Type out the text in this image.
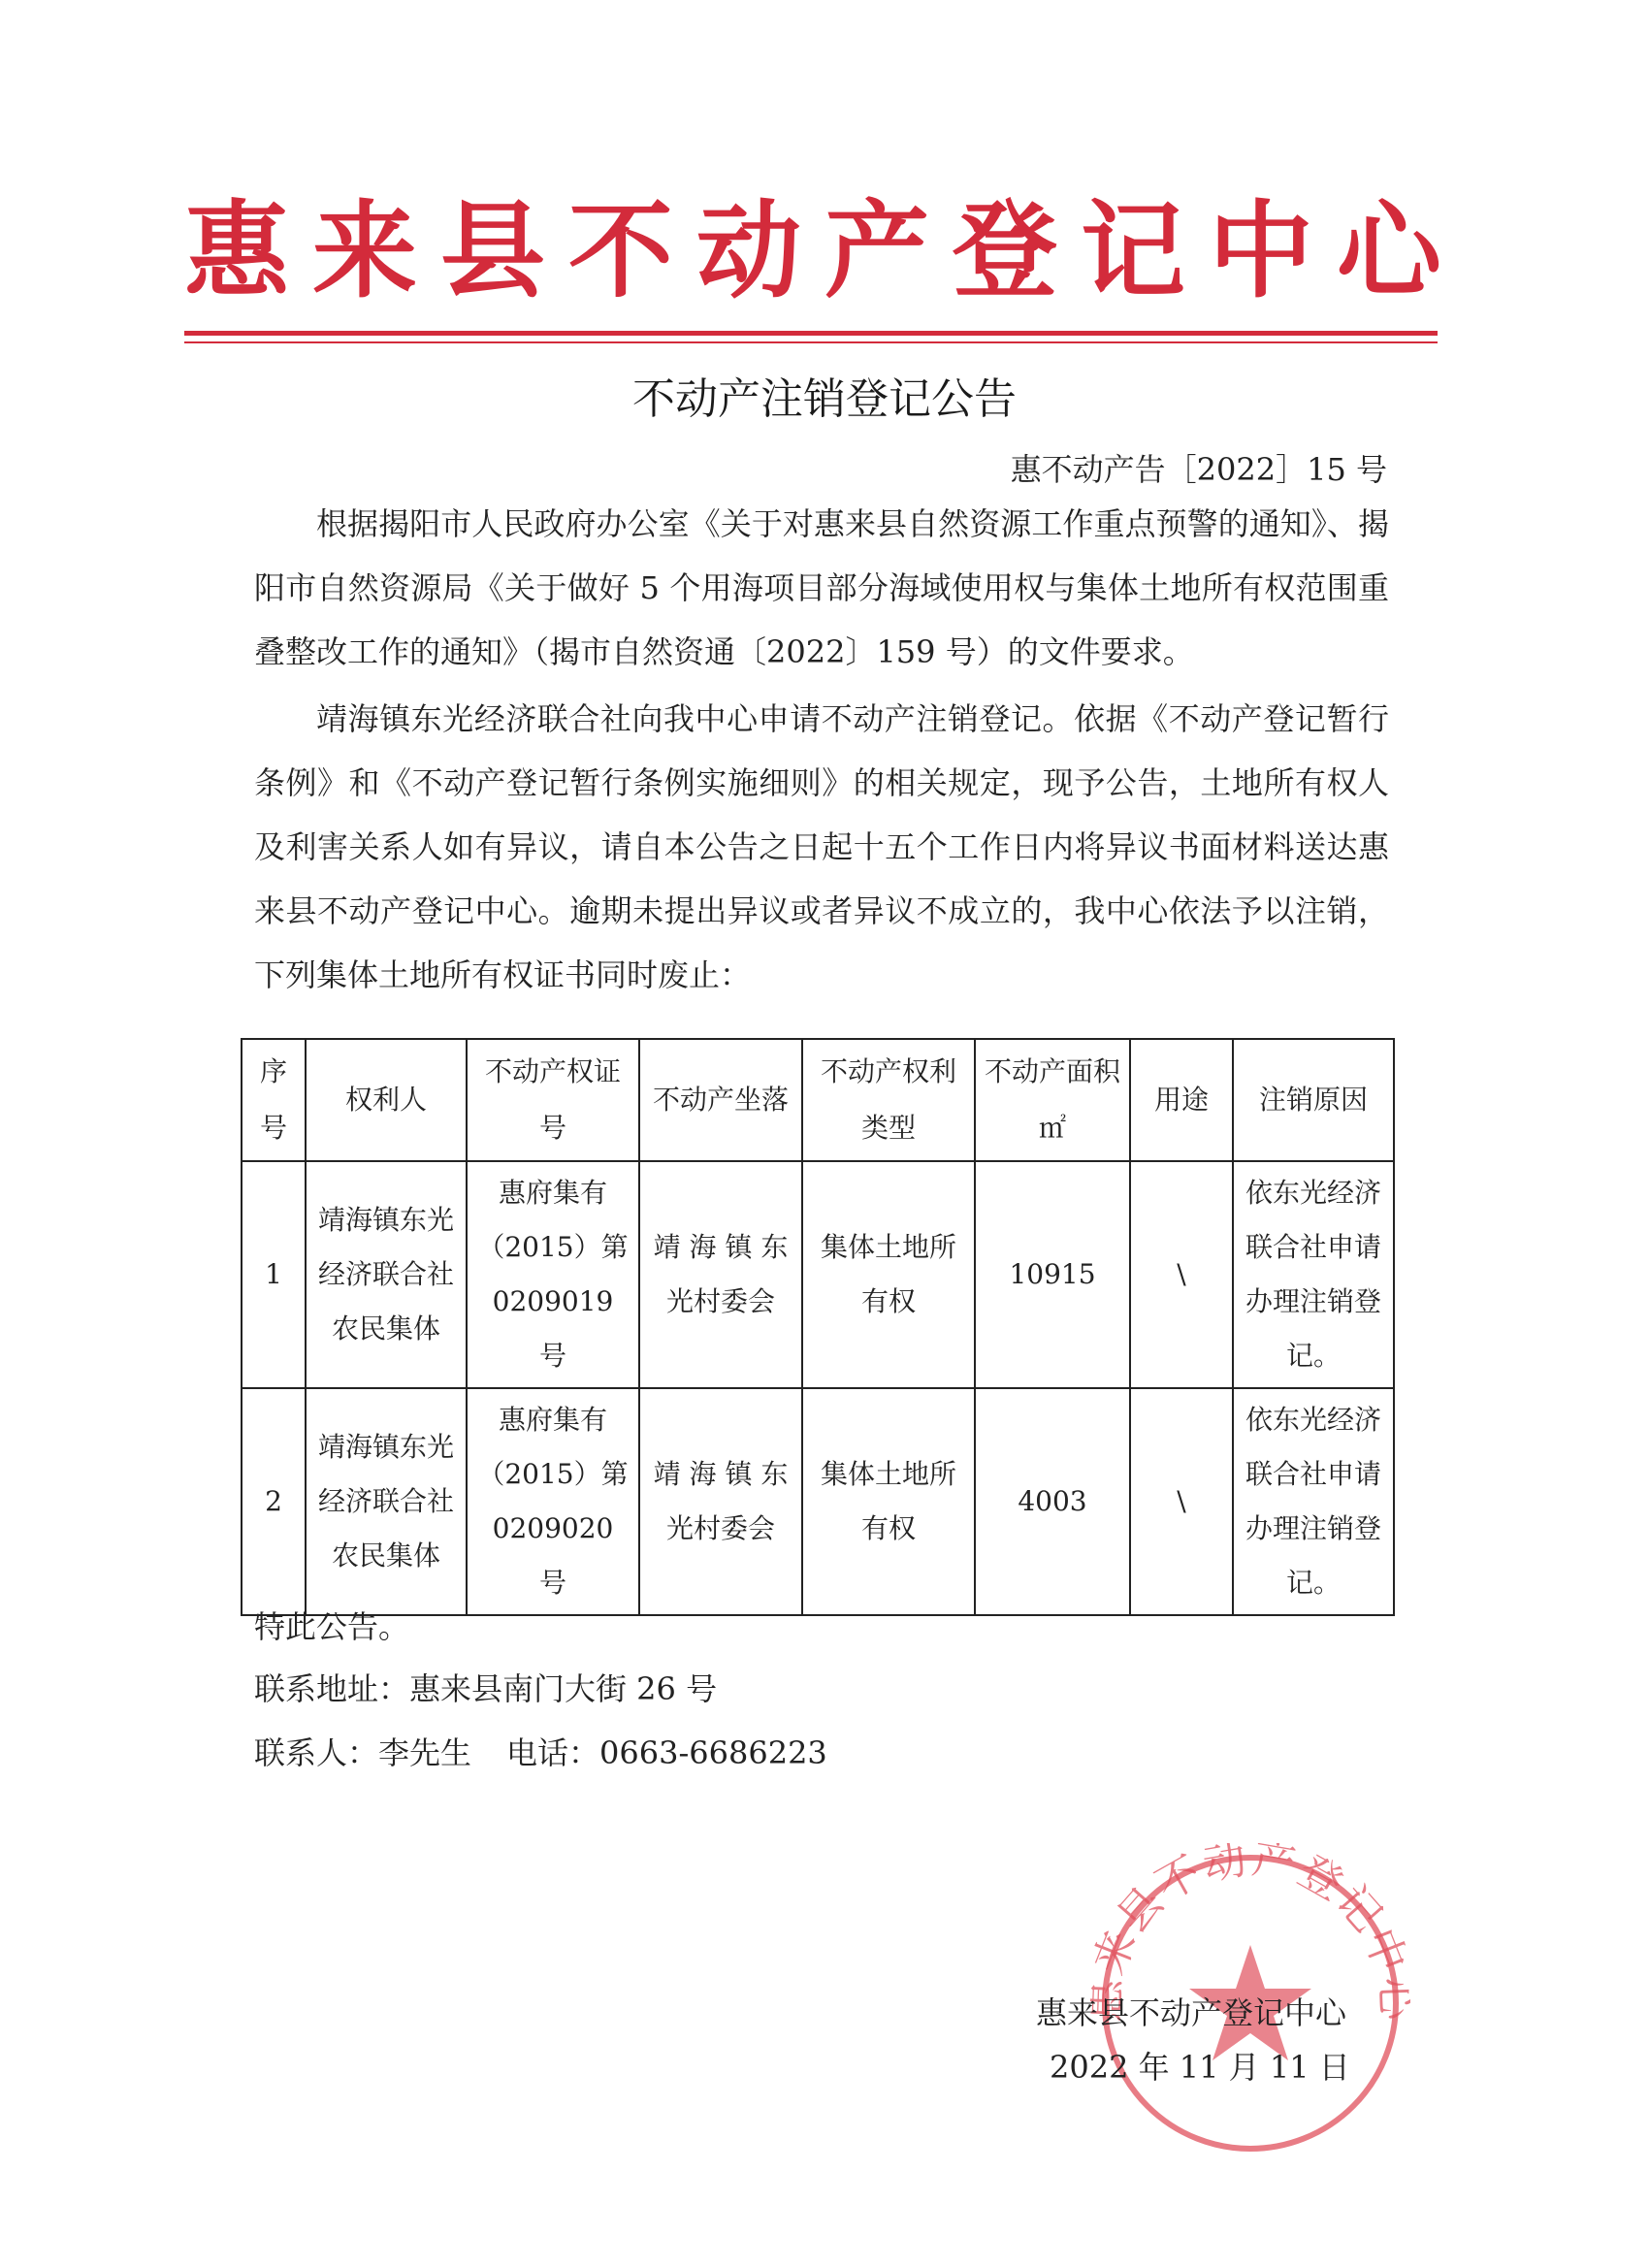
惠来县不动产登记中心
不动产注销登记公告
惠不动产告［2022］15 号
根据揭阳市人民政府办公室《关于对惠来县自然资源工作重点预警的通知》、揭阳市自然资源局《关于做好 5 个用海项目部分海域使用权与集体土地所有权范围重叠整改工作的通知》（揭市自然资通〔2022〕159 号）的文件要求。
靖海镇东光经济联合社向我中心申请不动产注销登记。依据《不动产登记暂行条例》和《不动产登记暂行条例实施细则》的相关规定，现予公告，土地所有权人及利害关系人如有异议，请自本公告之日起十五个工作日内将异议书面材料送达惠来县不动产登记中心。逾期未提出异议或者异议不成立的，我中心依法予以注销，下列集体土地所有权证书同时废止：
序号	权利人	不动产权证号	不动产坐落	不动产权利类型	不动产面积㎡	用途	注销原因
1	靖海镇东光经济联合社农民集体	惠府集有（2015）第0209019 号	靖 海 镇 东 光村委会	集体土地所有权	10915	\	依东光经济联合社申请办理注销登记。
2	靖海镇东光经济联合社农民集体	惠府集有（2015）第0209020 号	靖 海 镇 东 光村委会	集体土地所有权	4003	\	依东光经济联合社申请办理注销登记。
特此公告。
联系地址：惠来县南门大街 26 号
联系人：李先生 电话：0663-6686223
来县不动产登记中
惠来县不动产登记中心
2022 年 11 月 11 日
